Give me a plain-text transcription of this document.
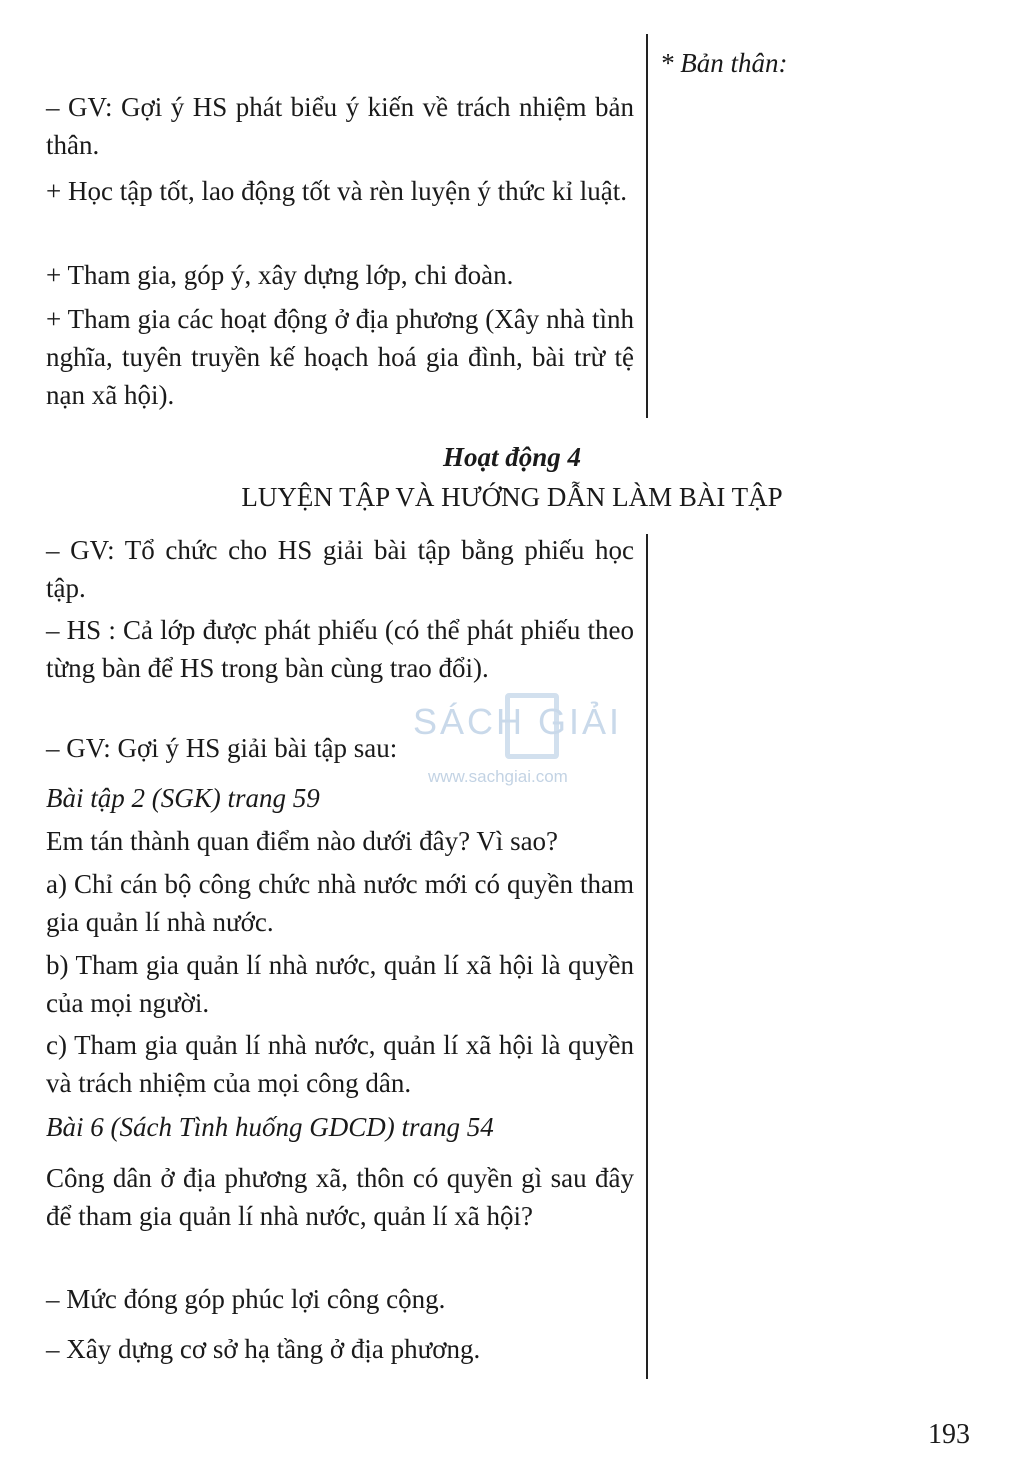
* Bản thân:

– GV: Gợi ý HS phát biểu ý kiến về trách nhiệm bản thân.

+ Học tập tốt, lao động tốt và rèn luyện ý thức kỉ luật.

+ Tham gia, góp ý, xây dựng lớp, chi đoàn.

+ Tham gia các hoạt động ở địa phương (Xây nhà tình nghĩa, tuyên truyền kế hoạch hoá gia đình, bài trừ tệ nạn xã hội).

Hoạt động 4

LUYỆN TẬP VÀ HƯỚNG DẪN LÀM BÀI TẬP

– GV: Tổ chức cho HS giải bài tập bằng phiếu học tập.

– HS : Cả lớp được phát phiếu (có thể phát phiếu theo từng bàn để HS trong bàn cùng trao đổi).

– GV: Gợi ý HS giải bài tập sau:

Bài tập 2 (SGK) trang 59

Em tán thành quan điểm nào dưới đây? Vì sao?

a) Chỉ cán bộ công chức nhà nước mới có quyền tham gia quản lí nhà nước.

b) Tham gia quản lí nhà nước, quản lí xã hội là quyền của mọi người.

c) Tham gia quản lí nhà nước, quản lí xã hội là quyền và trách nhiệm của mọi công dân.

Bài 6 (Sách Tình huống GDCD) trang 54

Công dân ở địa phương xã, thôn có quyền gì sau đây để tham gia quản lí nhà nước, quản lí xã hội?

– Mức đóng góp phúc lợi công cộng.

– Xây dựng cơ sở hạ tầng ở địa phương.

SÁCH GIẢI
www.sachgiai.com
193
